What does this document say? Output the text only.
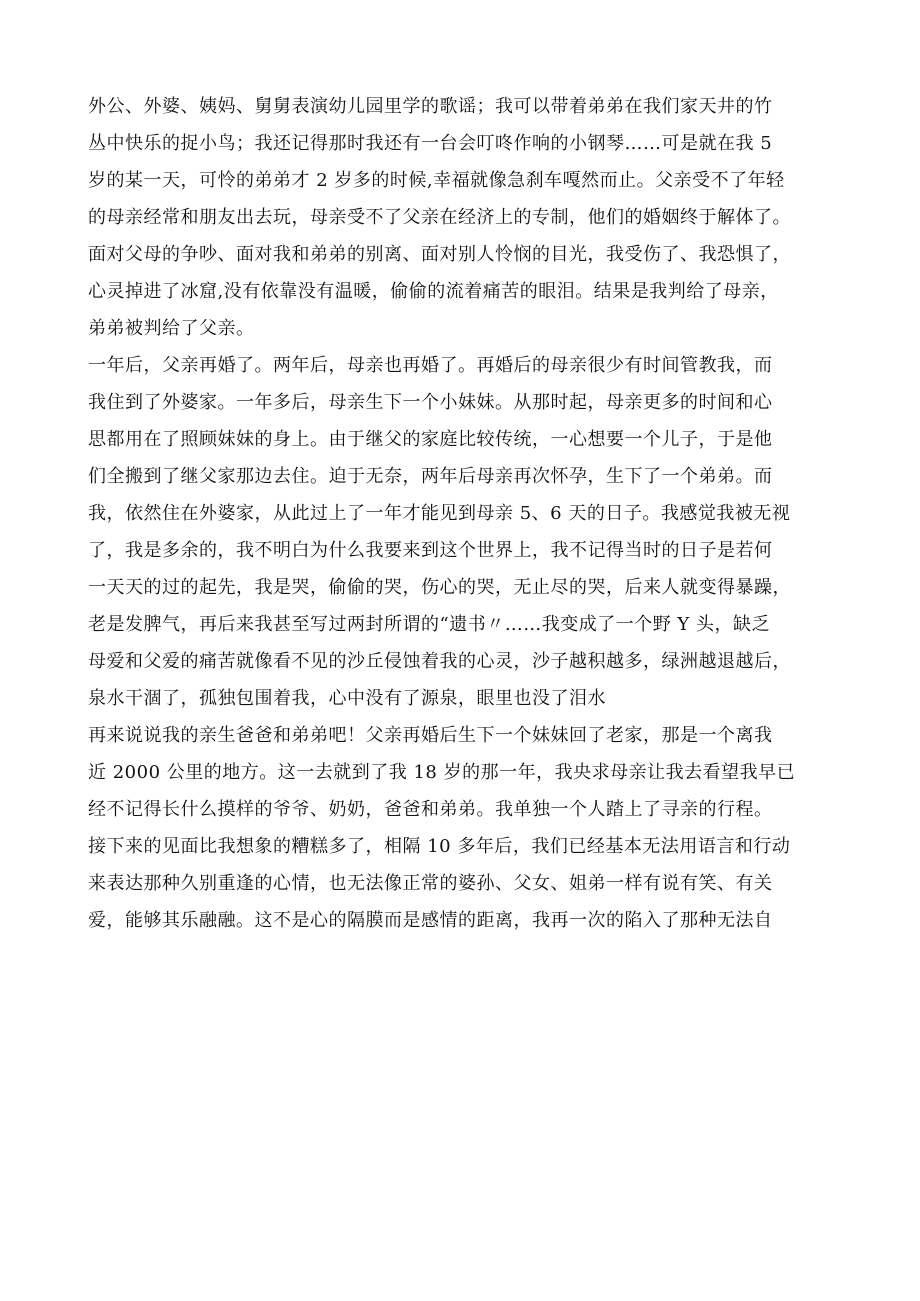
外公、外婆、姨妈、舅舅表演幼儿园里学的歌谣；我可以带着弟弟在我们家天井的竹
丛中快乐的捉小鸟；我还记得那时我还有一台会叮咚作响的小钢琴……可是就在我 5
岁的某一天，可怜的弟弟才 2 岁多的时候,幸福就像急刹车嘎然而止。父亲受不了年轻
的母亲经常和朋友出去玩，母亲受不了父亲在经济上的专制，他们的婚姻终于解体了。
面对父母的争吵、面对我和弟弟的别离、面对别人怜悯的目光，我受伤了、我恐惧了，
心灵掉进了冰窟,没有依靠没有温暖，偷偷的流着痛苦的眼泪。结果是我判给了母亲，
弟弟被判给了父亲。
一年后，父亲再婚了。两年后，母亲也再婚了。再婚后的母亲很少有时间管教我，而
我住到了外婆家。一年多后，母亲生下一个小妹妹。从那时起，母亲更多的时间和心
思都用在了照顾妹妹的身上。由于继父的家庭比较传统，一心想要一个儿子，于是他
们全搬到了继父家那边去住。迫于无奈，两年后母亲再次怀孕，生下了一个弟弟。而
我，依然住在外婆家，从此过上了一年才能见到母亲 5、6 天的日子。我感觉我被无视
了，我是多余的，我不明白为什么我要来到这个世界上，我不记得当时的日子是若何
一天天的过的起先，我是哭，偷偷的哭，伤心的哭，无止尽的哭，后来人就变得暴躁，
老是发脾气，再后来我甚至写过两封所谓的“遗书〃……我变成了一个野 Y 头，缺乏
母爱和父爱的痛苦就像看不见的沙丘侵蚀着我的心灵，沙子越积越多，绿洲越退越后，
泉水干涸了，孤独包围着我，心中没有了源泉，眼里也没了泪水
再来说说我的亲生爸爸和弟弟吧！父亲再婚后生下一个妹妹回了老家，那是一个离我
近 2000 公里的地方。这一去就到了我 18 岁的那一年，我央求母亲让我去看望我早已
经不记得长什么摸样的爷爷、奶奶，爸爸和弟弟。我单独一个人踏上了寻亲的行程。
接下来的见面比我想象的糟糕多了，相隔 10 多年后，我们已经基本无法用语言和行动
来表达那种久别重逢的心情，也无法像正常的婆孙、父女、姐弟一样有说有笑、有关
爱，能够其乐融融。这不是心的隔膜而是感情的距离，我再一次的陷入了那种无法自
